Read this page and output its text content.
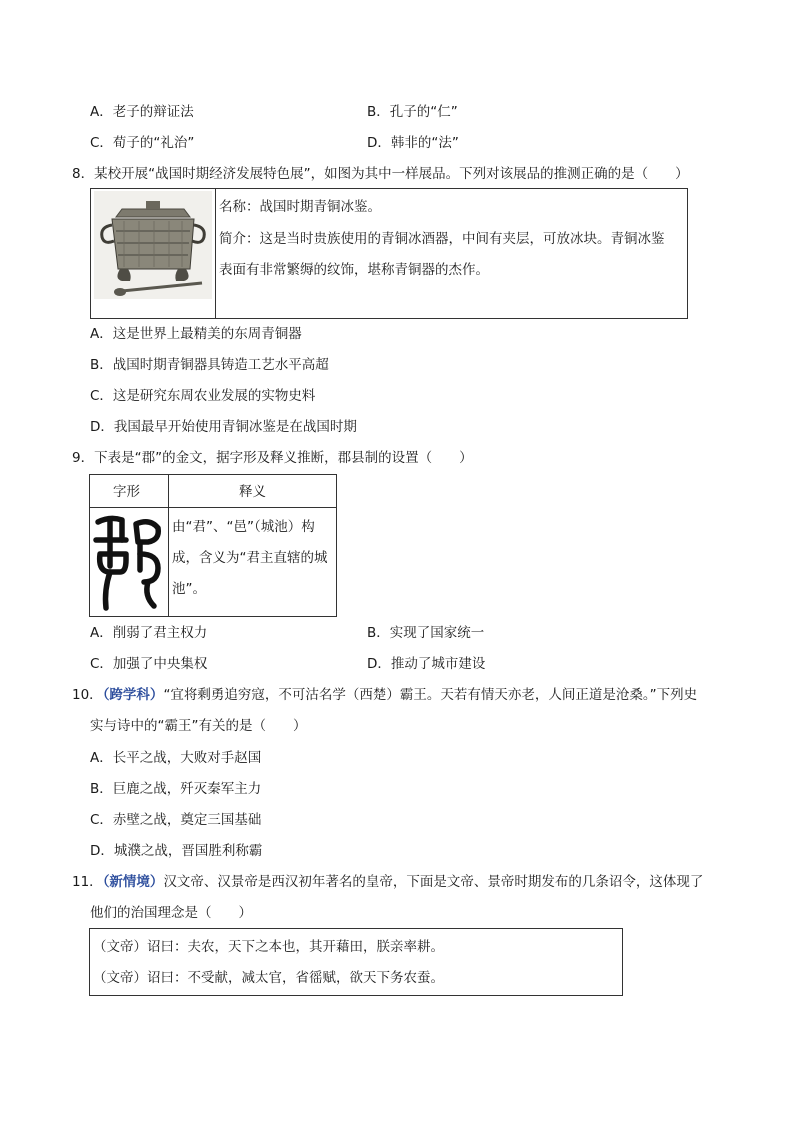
A．老子的辩证法	B．孔子的“仁”
C．荀子的“礼治”	D．韩非的“法”
8．某校开展“战国时期经济发展特色展”，如图为其中一样展品。下列对该展品的推测正确的是（　　）
名称：战国时期青铜冰鉴。
简介：这是当时贵族使用的青铜冰酒器，中间有夹层，可放冰块。青铜冰鉴
表面有非常繁缛的纹饰，堪称青铜器的杰作。
A．这是世界上最精美的东周青铜器
B．战国时期青铜器具铸造工艺水平高超
C．这是研究东周农业发展的实物史料
D．我国最早开始使用青铜冰鉴是在战国时期
9．下表是“郡”的金文，据字形及释义推断，郡县制的设置（　　）
字形	释义
由“君”、“邑”（城池）构
成，含义为“君主直辖的城
池”。
A．削弱了君主权力	B．实现了国家统一
C．加强了中央集权	D．推动了城市建设
10．（跨学科）“宜将剩勇追穷寇，不可沽名学（西楚）霸王。天若有情天亦老，人间正道是沧桑。”下列史
实与诗中的“霸王”有关的是（　　）
A．长平之战，大败对手赵国
B．巨鹿之战，歼灭秦军主力
C．赤壁之战，奠定三国基础
D．城濮之战，晋国胜利称霸
11．（新情境）汉文帝、汉景帝是西汉初年著名的皇帝，下面是文帝、景帝时期发布的几条诏令，这体现了
他们的治国理念是（　　）
（文帝）诏曰：夫农，天下之本也，其开藉田，朕亲率耕。
（文帝）诏曰：不受献，减太官，省徭赋，欲天下务农蚕。
